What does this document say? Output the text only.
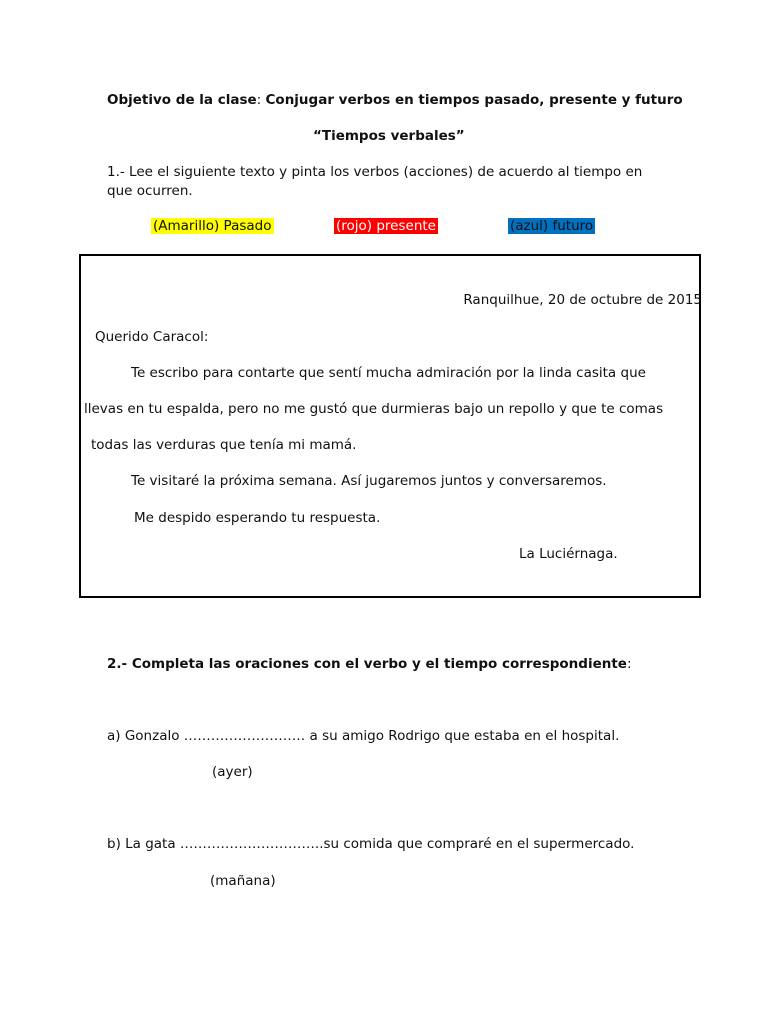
Objetivo de la clase: Conjugar verbos en tiempos pasado, presente y futuro
“Tiempos verbales”
1.- Lee el siguiente texto y pinta los verbos (acciones) de acuerdo al tiempo en
que ocurren.
(Amarillo) Pasado	(rojo) presente	(azul) futuro
Ranquilhue, 20 de octubre de 2015
Querido Caracol:
Te escribo para contarte que sentí mucha admiración por la linda casita que
llevas en tu espalda, pero no me gustó que durmieras bajo un repollo y que te comas
todas las verduras que tenía mi mamá.
Te visitaré la próxima semana. Así jugaremos juntos y conversaremos.
Me despido esperando tu respuesta.
La Luciérnaga.
2.- Completa las oraciones con el verbo y el tiempo correspondiente:
a) Gonzalo ……………………… a su amigo Rodrigo que estaba en el hospital.
(ayer)
b) La gata …………………………..su comida que compraré en el supermercado.
(mañana)
